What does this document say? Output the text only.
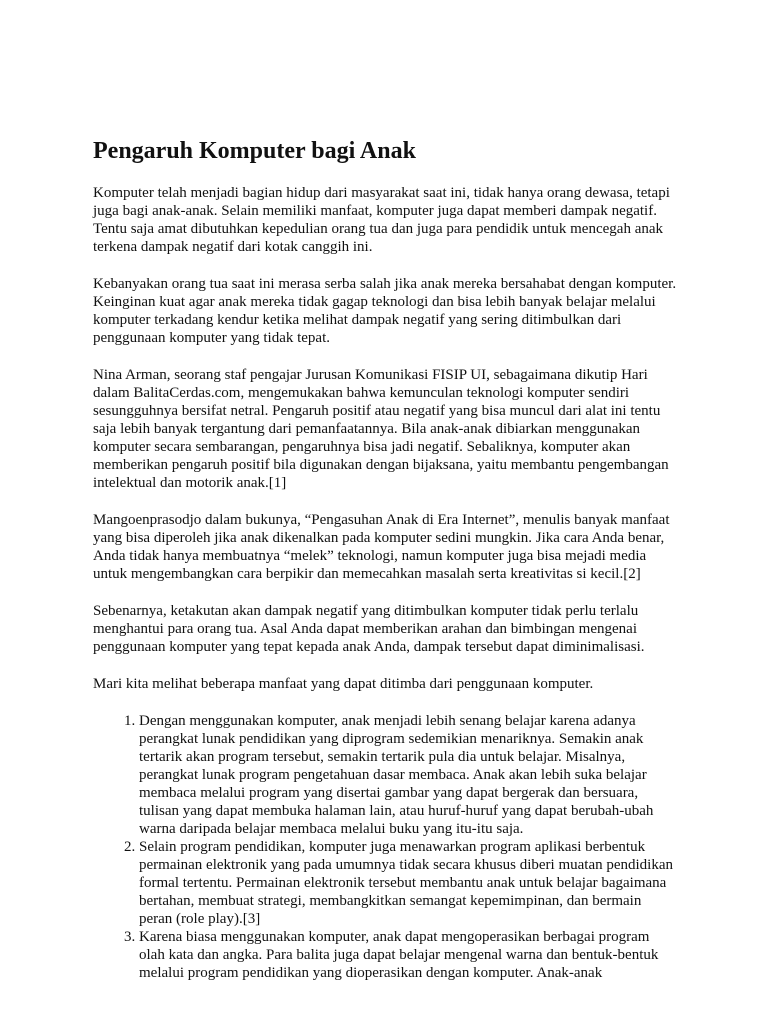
Pengaruh Komputer bagi Anak

Komputer telah menjadi bagian hidup dari masyarakat saat ini, tidak hanya orang dewasa, tetapi juga bagi anak-anak. Selain memiliki manfaat, komputer juga dapat memberi dampak negatif. Tentu saja amat dibutuhkan kepedulian orang tua dan juga para pendidik untuk mencegah anak terkena dampak negatif dari kotak canggih ini.

Kebanyakan orang tua saat ini merasa serba salah jika anak mereka bersahabat dengan komputer. Keinginan kuat agar anak mereka tidak gagap teknologi dan bisa lebih banyak belajar melalui komputer terkadang kendur ketika melihat dampak negatif yang sering ditimbulkan dari penggunaan komputer yang tidak tepat.

Nina Arman, seorang staf pengajar Jurusan Komunikasi FISIP UI, sebagaimana dikutip Hari dalam BalitaCerdas.com, mengemukakan bahwa kemunculan teknologi komputer sendiri sesungguhnya bersifat netral. Pengaruh positif atau negatif yang bisa muncul dari alat ini tentu saja lebih banyak tergantung dari pemanfaatannya. Bila anak-anak dibiarkan menggunakan komputer secara sembarangan, pengaruhnya bisa jadi negatif. Sebaliknya, komputer akan memberikan pengaruh positif bila digunakan dengan bijaksana, yaitu membantu pengembangan intelektual dan motorik anak.[1]

Mangoenprasodjo dalam bukunya, “Pengasuhan Anak di Era Internet”, menulis banyak manfaat yang bisa diperoleh jika anak dikenalkan pada komputer sedini mungkin. Jika cara Anda benar, Anda tidak hanya membuatnya “melek” teknologi, namun komputer juga bisa mejadi media untuk mengembangkan cara berpikir dan memecahkan masalah serta kreativitas si kecil.[2]

Sebenarnya, ketakutan akan dampak negatif yang ditimbulkan komputer tidak perlu terlalu menghantui para orang tua. Asal Anda dapat memberikan arahan dan bimbingan mengenai penggunaan komputer yang tepat kepada anak Anda, dampak tersebut dapat diminimalisasi.

Mari kita melihat beberapa manfaat yang dapat ditimba dari penggunaan komputer.

1. Dengan menggunakan komputer, anak menjadi lebih senang belajar karena adanya perangkat lunak pendidikan yang diprogram sedemikian menariknya. Semakin anak tertarik akan program tersebut, semakin tertarik pula dia untuk belajar. Misalnya, perangkat lunak program pengetahuan dasar membaca. Anak akan lebih suka belajar membaca melalui program yang disertai gambar yang dapat bergerak dan bersuara, tulisan yang dapat membuka halaman lain, atau huruf-huruf yang dapat berubah-ubah warna daripada belajar membaca melalui buku yang itu-itu saja.
2. Selain program pendidikan, komputer juga menawarkan program aplikasi berbentuk permainan elektronik yang pada umumnya tidak secara khusus diberi muatan pendidikan formal tertentu. Permainan elektronik tersebut membantu anak untuk belajar bagaimana bertahan, membuat strategi, membangkitkan semangat kepemimpinan, dan bermain peran (role play).[3]
3. Karena biasa menggunakan komputer, anak dapat mengoperasikan berbagai program olah kata dan angka. Para balita juga dapat belajar mengenal warna dan bentuk-bentuk melalui program pendidikan yang dioperasikan dengan komputer. Anak-anak
